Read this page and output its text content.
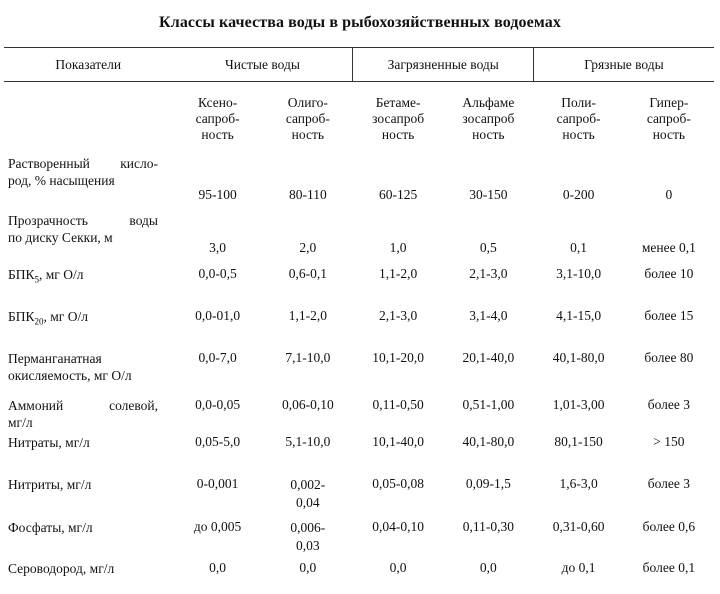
Классы качества воды в рыбохозяйственных водоемах
Показатели	Чистые воды		Загрязненные воды		Грязные воды	
	Ксено-
сапроб-
ность	Олиго-
сапроб-
ность	Бетаме-
зосапроб
ность	Альфаме
зосапроб
ность	Поли-
сапроб-
ность	Гипер-
сапроб-
ность

Растворенный кисло-
род, % насыщения	95-100	80-110	60-125	30-150	0-200	0

Прозрачность воды
по диску Секки, м	3,0	2,0	1,0	0,5	0,1	менее 0,1
$БПК_5$, мг О/л	0,0-0,5	0,6-0,1	1,1-2,0	2,1-3,0	3,1-10,0	более 10
$БПК_{20}$, мг О/л	0,0-01,0	1,1-2,0	2,1-3,0	3,1-4,0	4,1-15,0	более 15

Перманганатная
окисляемость, мг О/л	0,0-7,0	7,1-10,0	10,1-20,0	20,1-40,0	40,1-80,0	более 80

Аммоний солевой,
мг/л	0,0-0,05	0,06-0,10	0,11-0,50	0,51-1,00	1,01-3,00	более 3
Нитраты, мг/л	0,05-5,0	5,1-10,0	10,1-40,0	40,1-80,0	80,1-150	> 150
Нитриты, мг/л	0-0,001	0,002-
0,04	0,05-0,08	0,09-1,5	1,6-3,0	более 3
Фосфаты, мг/л	до 0,005	0,006-
0,03	0,04-0,10	0,11-0,30	0,31-0,60	более 0,6
Сероводород, мг/л	0,0	0,0	0,0	0,0	до 0,1	более 0,1
